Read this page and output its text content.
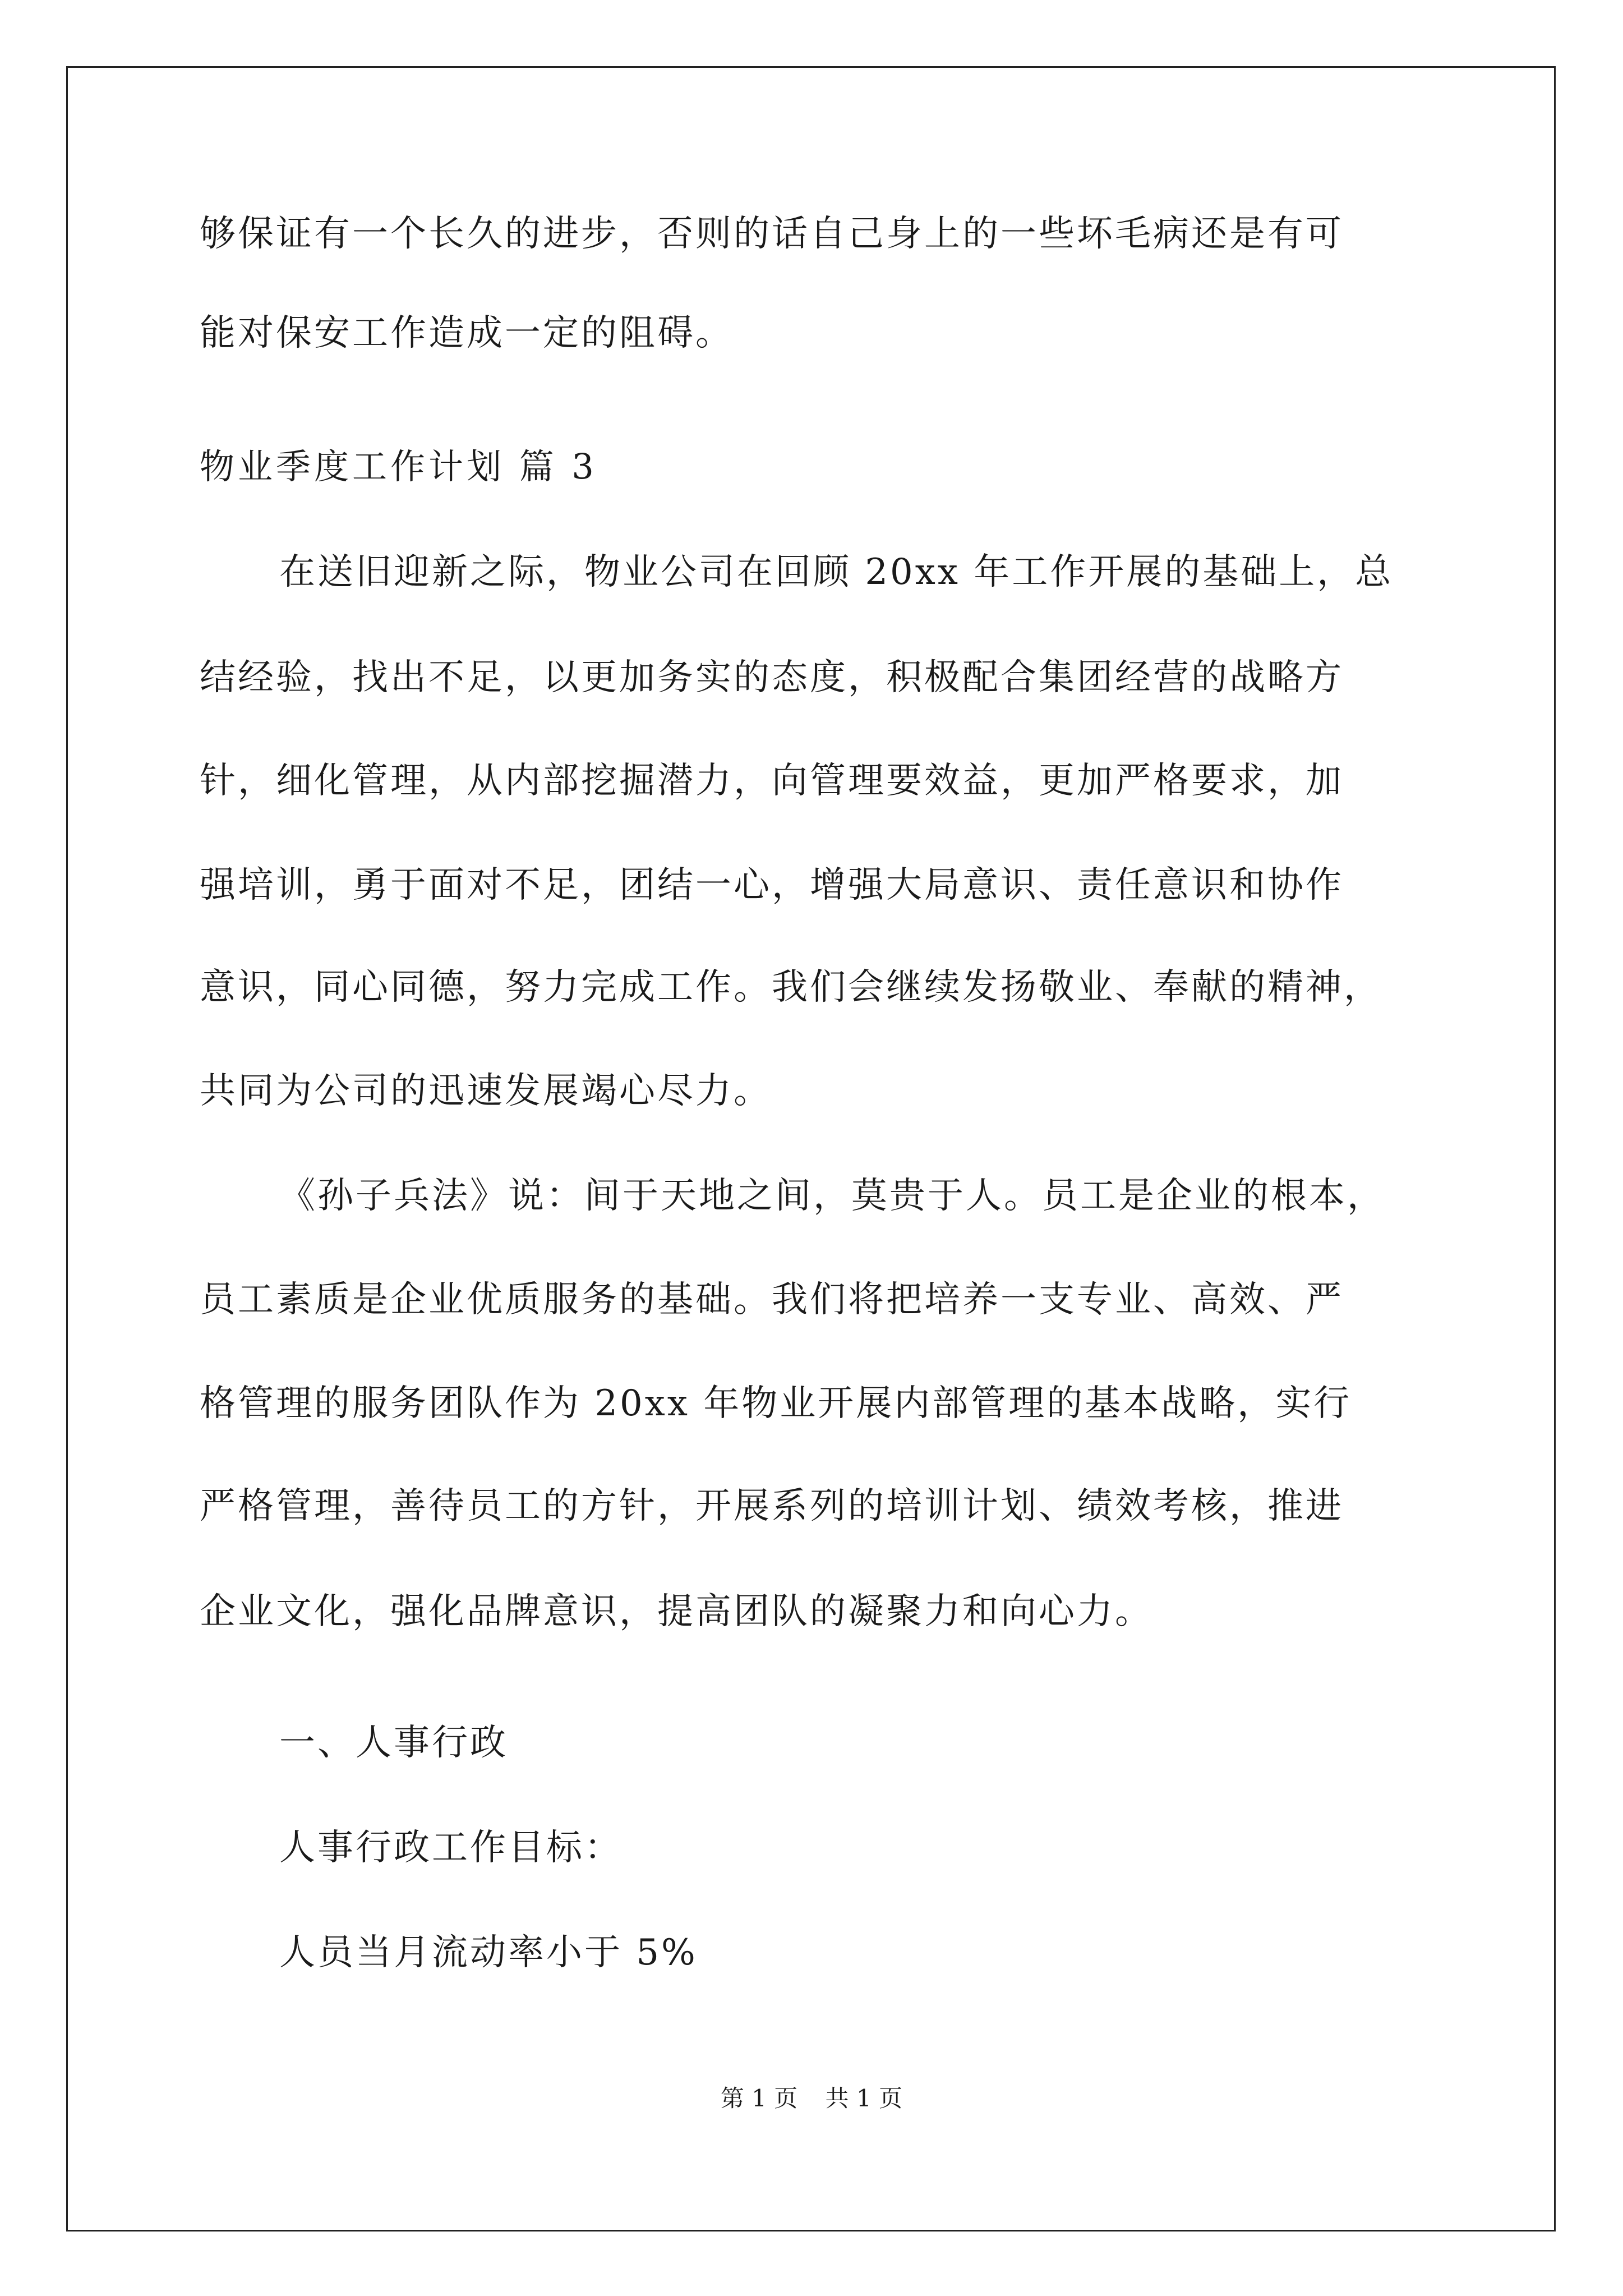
够保证有一个长久的进步，否则的话自己身上的一些坏毛病还是有可
能对保安工作造成一定的阻碍。
物业季度工作计划 篇 3
在送旧迎新之际，物业公司在回顾 20xx 年工作开展的基础上，总
结经验，找出不足，以更加务实的态度，积极配合集团经营的战略方
针，细化管理，从内部挖掘潜力，向管理要效益，更加严格要求，加
强培训，勇于面对不足，团结一心，增强大局意识、责任意识和协作
意识，同心同德，努力完成工作。我们会继续发扬敬业、奉献的精神，
共同为公司的迅速发展竭心尽力。
《孙子兵法》说：间于天地之间，莫贵于人。员工是企业的根本，
员工素质是企业优质服务的基础。我们将把培养一支专业、高效、严
格管理的服务团队作为 20xx 年物业开展内部管理的基本战略，实行
严格管理，善待员工的方针，开展系列的培训计划、绩效考核，推进
企业文化，强化品牌意识，提高团队的凝聚力和向心力。
一、人事行政
人事行政工作目标：
人员当月流动率小于 5%
第 1 页 共 1 页
